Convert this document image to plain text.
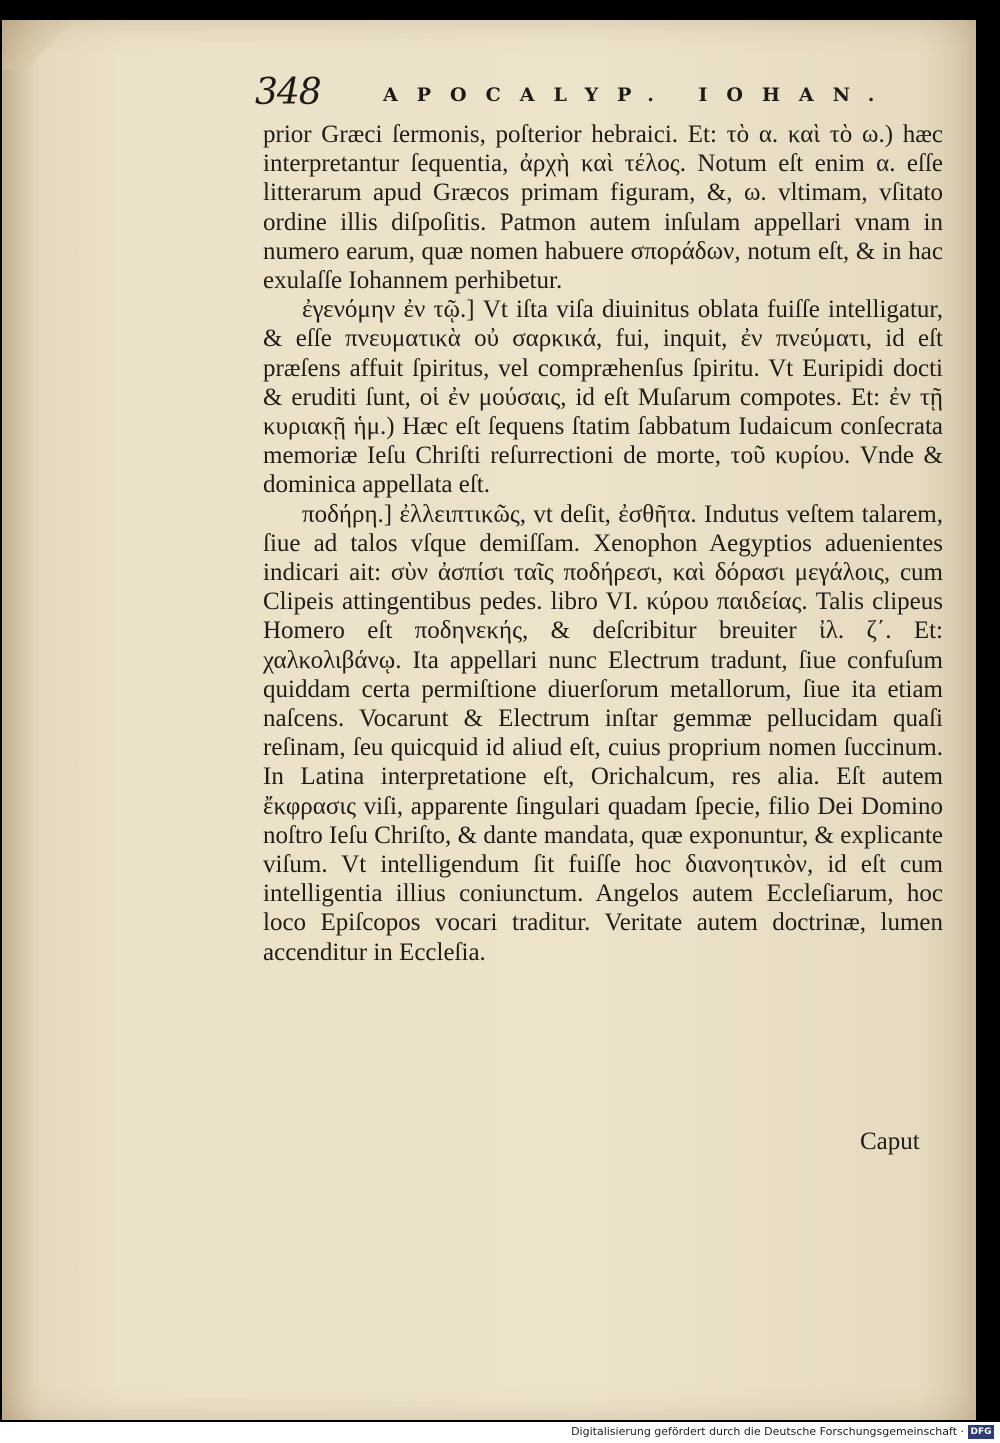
348	APOCALYP. IOHAN.

prior Græci ſermonis, poſterior hebraici. Et: τὸ α. καὶ τὸ ω.) hæc interpretantur ſequentia, ἀρχὴ καὶ τέλος. Notum eſt enim α. eſſe litterarum apud Græcos primam figuram, &, ω. vltimam, vſitato ordine illis diſpoſitis. Patmon autem inſulam appellari vnam in numero earum, quæ nomen habuere σποράδων, notum eſt, & in hac exulaſſe Iohannem perhibetur.

ἐγενόμην ἐν τῷ.] Vt iſta viſa diuinitus oblata fuiſſe intelligatur, & eſſe πνευματικὰ οὐ σαρκικά, fui, inquit, ἐν πνεύματι, id eſt præſens affuit ſpiritus, vel compræhenſus ſpiritu. Vt Euripidi docti & eruditi ſunt, οἱ ἐν μούσαις, id eſt Muſarum compotes. Et: ἐν τῇ κυριακῇ ἡμ.) Hæc eſt ſequens ſtatim ſabbatum Iudaicum conſecrata memoriæ Ieſu Chriſti reſurrectioni de morte, τοῦ κυρίου. Vnde & dominica appellata eſt.

ποδήρη.] ἐλλειπτικῶς, vt deſit, ἐσθῆτα. Indutus veſtem talarem, ſiue ad talos vſque demiſſam. Xenophon Aegyptios aduenientes indicari ait: σὺν ἀσπίσι ταῖς ποδήρεσι, καὶ δόρασι μεγάλοις, cum Clipeis attingentibus pedes. libro VI. κύρου παιδείας. Talis clipeus Homero eſt ποδηνεκής, & deſcribitur breuiter ἰλ. ζ΄. Et: χαλκολιβάνῳ. Ita appellari nunc Electrum tradunt, ſiue confuſum quiddam certa permiſtione diuerſorum metallorum, ſiue ita etiam naſcens. Vocarunt & Electrum inſtar gemmæ pellucidam quaſi reſinam, ſeu quicquid id aliud eſt, cuius proprium nomen ſuccinum. In Latina interpretatione eſt, Orichalcum, res alia. Eſt autem ἔκφρασις viſi, apparente ſingulari quadam ſpecie, filio Dei Domino noſtro Ieſu Chriſto, & dante mandata, quæ exponuntur, & explicante viſum. Vt intelligendum ſit fuiſſe hoc διανοητικὸν, id eſt cum intelligentia illius coniunctum. Angelos autem Eccleſiarum, hoc loco Epiſcopos vocari traditur. Veritate autem doctrinæ, lumen accenditur in Eccleſia.

Caput
Digitalisierung gefördert durch die Deutsche Forschungsgemeinschaft · DFG
